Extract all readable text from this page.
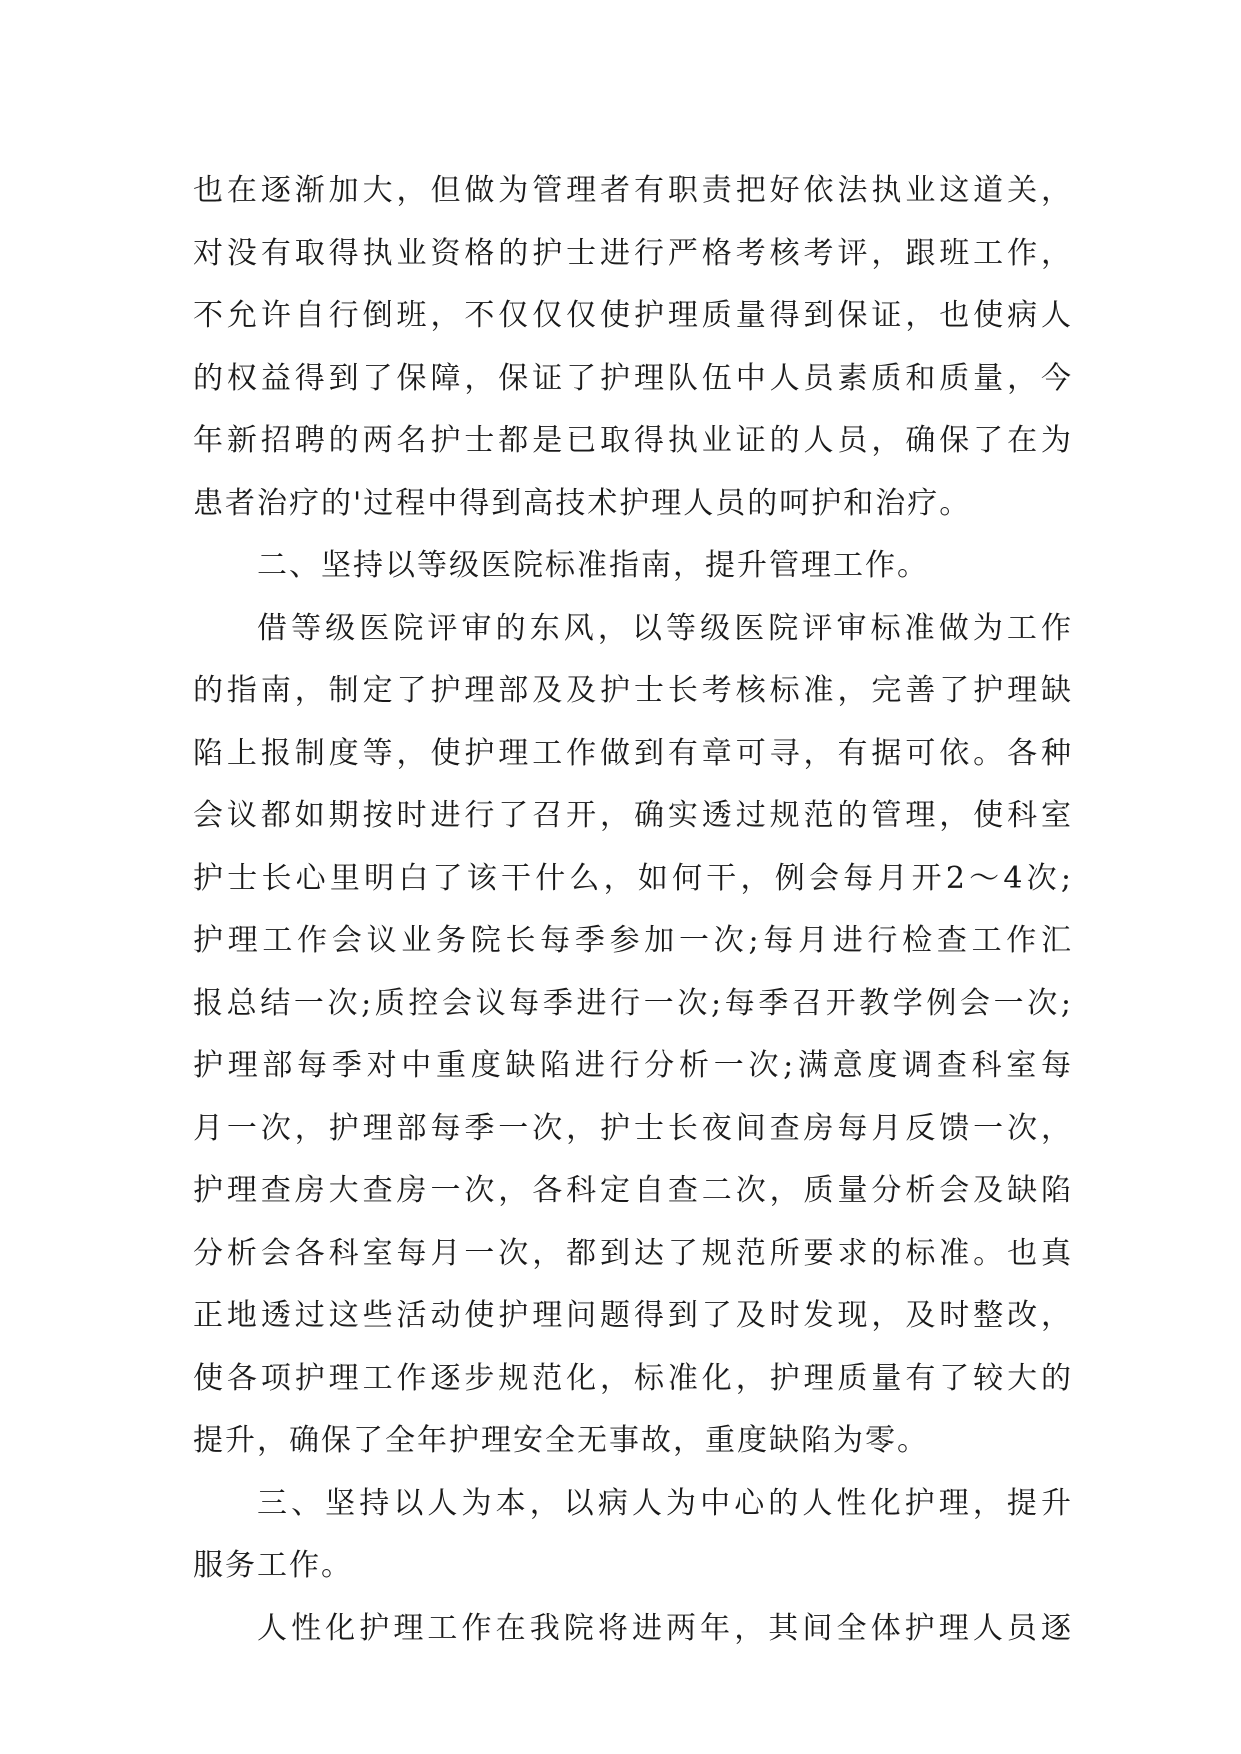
也在逐渐加大，但做为管理者有职责把好依法执业这道关，
对没有取得执业资格的护士进行严格考核考评，跟班工作，
不允许自行倒班，不仅仅仅使护理质量得到保证，也使病人
的权益得到了保障，保证了护理队伍中人员素质和质量，今
年新招聘的两名护士都是已取得执业证的人员，确保了在为
患者治疗的'过程中得到高技术护理人员的呵护和治疗。
二、坚持以等级医院标准指南，提升管理工作。
借等级医院评审的东风，以等级医院评审标准做为工作
的指南，制定了护理部及及护士长考核标准，完善了护理缺
陷上报制度等，使护理工作做到有章可寻，有据可依。各种
会议都如期按时进行了召开，确实透过规范的管理，使科室
护士长心里明白了该干什么，如何干，例会每月开2～4次;
护理工作会议业务院长每季参加一次;每月进行检查工作汇
报总结一次;质控会议每季进行一次;每季召开教学例会一次;
护理部每季对中重度缺陷进行分析一次;满意度调查科室每
月一次，护理部每季一次，护士长夜间查房每月反馈一次，
护理查房大查房一次，各科定自查二次，质量分析会及缺陷
分析会各科室每月一次，都到达了规范所要求的标准。也真
正地透过这些活动使护理问题得到了及时发现，及时整改，
使各项护理工作逐步规范化，标准化，护理质量有了较大的
提升，确保了全年护理安全无事故，重度缺陷为零。
三、坚持以人为本，以病人为中心的人性化护理，提升
服务工作。
人性化护理工作在我院将进两年，其间全体护理人员逐
